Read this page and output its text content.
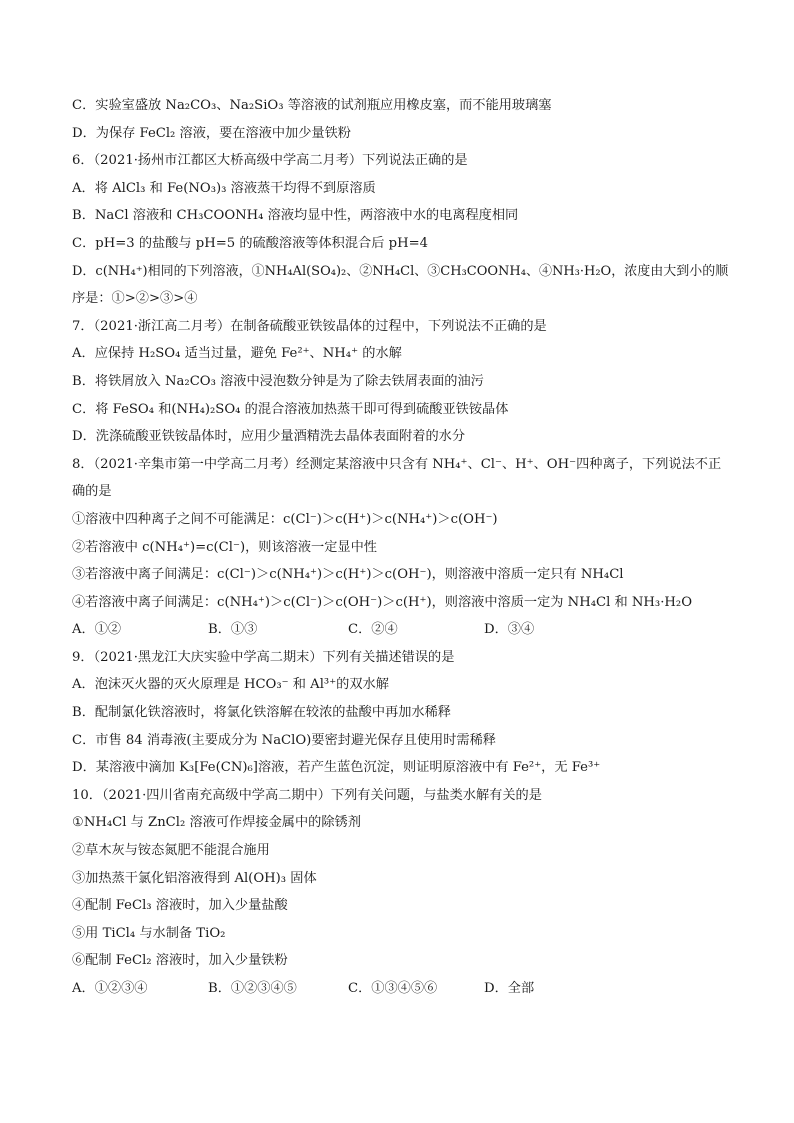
C．实验室盛放 Na₂CO₃、Na₂SiO₃ 等溶液的试剂瓶应用橡皮塞，而不能用玻璃塞
D．为保存 FeCl₂ 溶液，要在溶液中加少量铁粉
6．（2021·扬州市江都区大桥高级中学高二月考）下列说法正确的是
A．将 AlCl₃ 和 Fe(NO₃)₃ 溶液蒸干均得不到原溶质
B．NaCl 溶液和 CH₃COONH₄ 溶液均显中性，两溶液中水的电离程度相同
C．pH=3 的盐酸与 pH=5 的硫酸溶液等体积混合后 pH=4
D．c(NH₄⁺)相同的下列溶液，①NH₄Al(SO₄)₂、②NH₄Cl、③CH₃COONH₄、④NH₃·H₂O，浓度由大到小的顺
序是：①>②>③>④
7．（2021·浙江高二月考）在制备硫酸亚铁铵晶体的过程中，下列说法不正确的是
A．应保持 H₂SO₄ 适当过量，避免 Fe²⁺、NH₄⁺ 的水解
B．将铁屑放入 Na₂CO₃ 溶液中浸泡数分钟是为了除去铁屑表面的油污
C．将 FeSO₄ 和(NH₄)₂SO₄ 的混合溶液加热蒸干即可得到硫酸亚铁铵晶体
D．洗涤硫酸亚铁铵晶体时，应用少量酒精洗去晶体表面附着的水分
8．（2021·辛集市第一中学高二月考）经测定某溶液中只含有 NH₄⁺、Cl⁻、H⁺、OH⁻四种离子，下列说法不正
确的是
①溶液中四种离子之间不可能满足：c(Cl⁻)＞c(H⁺)＞c(NH₄⁺)＞c(OH⁻)
②若溶液中 c(NH₄⁺)=c(Cl⁻)，则该溶液一定显中性
③若溶液中离子间满足：c(Cl⁻)＞c(NH₄⁺)＞c(H⁺)＞c(OH⁻)，则溶液中溶质一定只有 NH₄Cl
④若溶液中离子间满足：c(NH₄⁺)＞c(Cl⁻)＞c(OH⁻)＞c(H⁺)，则溶液中溶质一定为 NH₄Cl 和 NH₃·H₂O
A．①②	B．①③	C．②④	D．③④
9．（2021·黑龙江大庆实验中学高二期末）下列有关描述错误的是
A．泡沫灭火器的灭火原理是 HCO₃⁻ 和 Al³⁺的双水解
B．配制氯化铁溶液时，将氯化铁溶解在较浓的盐酸中再加水稀释
C．市售 84 消毒液(主要成分为 NaClO)要密封避光保存且使用时需稀释
D．某溶液中滴加 K₃[Fe(CN)₆]溶液，若产生蓝色沉淀，则证明原溶液中有 Fe²⁺，无 Fe³⁺
10．（2021·四川省南充高级中学高二期中）下列有关问题，与盐类水解有关的是
①NH₄Cl 与 ZnCl₂ 溶液可作焊接金属中的除锈剂
②草木灰与铵态氮肥不能混合施用
③加热蒸干氯化铝溶液得到 Al(OH)₃ 固体
④配制 FeCl₃ 溶液时，加入少量盐酸
⑤用 TiCl₄ 与水制备 TiO₂
⑥配制 FeCl₂ 溶液时，加入少量铁粉
A．①②③④	B．①②③④⑤	C．①③④⑤⑥	D．全部
